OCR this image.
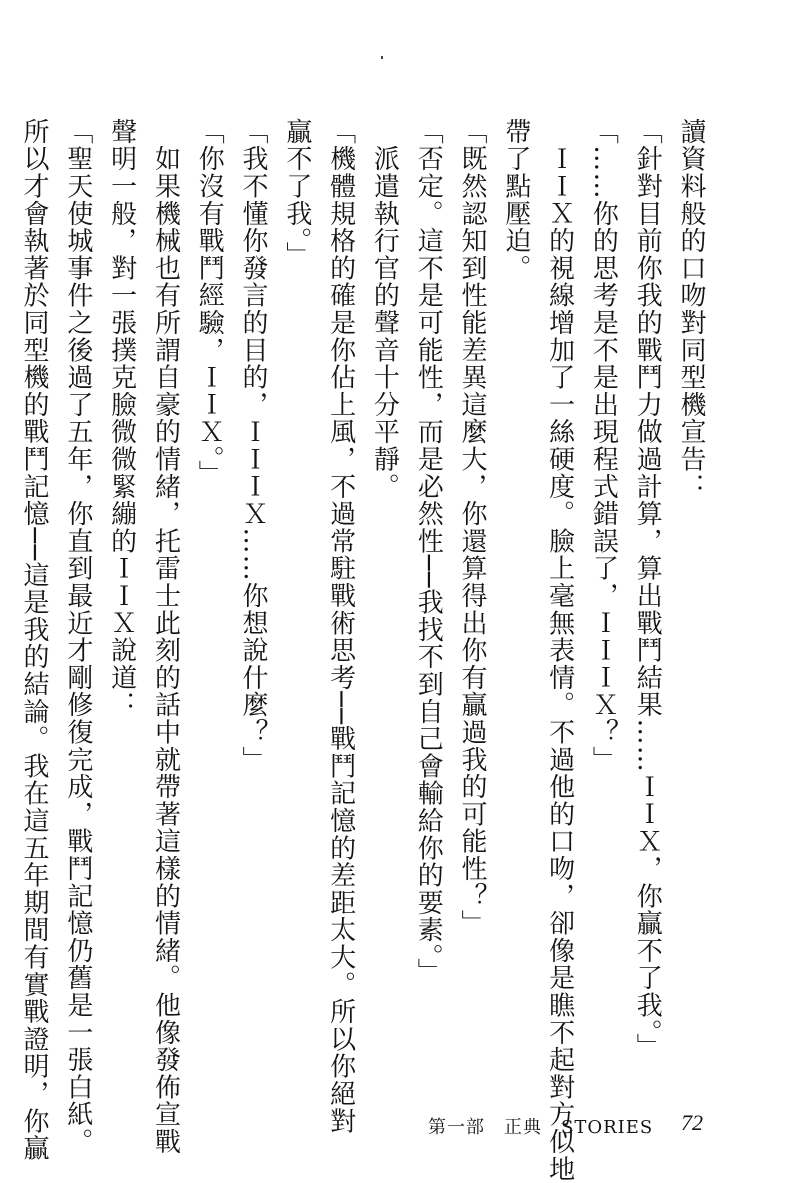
讀資料般的口吻對同型機宣告：

「針對目前你我的戰鬥力做過計算，算出戰鬥結果……ＩＩＸ，你贏不了我。」

「……你的思考是不是出現程式錯誤了，ＩＩＩＸ？」

　ＩＩＸ的視線增加了一絲硬度。臉上毫無表情。不過他的口吻，卻像是瞧不起對方似地

帶了點壓迫。

「既然認知到性能差異這麼大，你還算得出你有贏過我的可能性？」

「否定。這不是可能性，而是必然性──我找不到自己會輸給你的要素。」

　派遣執行官的聲音十分平靜。

「機體規格的確是你佔上風，不過常駐戰術思考──戰鬥記憶的差距太大。所以你絕對

贏不了我。」

「我不懂你發言的目的，ＩＩＩＸ……你想說什麼？」

「你沒有戰鬥經驗，ＩＩＸ。」

　如果機械也有所謂自豪的情緒，托雷士此刻的話中就帶著這樣的情緒。他像發佈宣戰

聲明一般，對一張撲克臉微微緊繃的ＩＩＸ說道：

「聖天使城事件之後過了五年，你直到最近才剛修復完成，戰鬥記憶仍舊是一張白紙。

所以才會執著於同型機的戰鬥記憶──這是我的結論。我在這五年期間有實戰證明，你贏	第一部　正典　STORIES 72
